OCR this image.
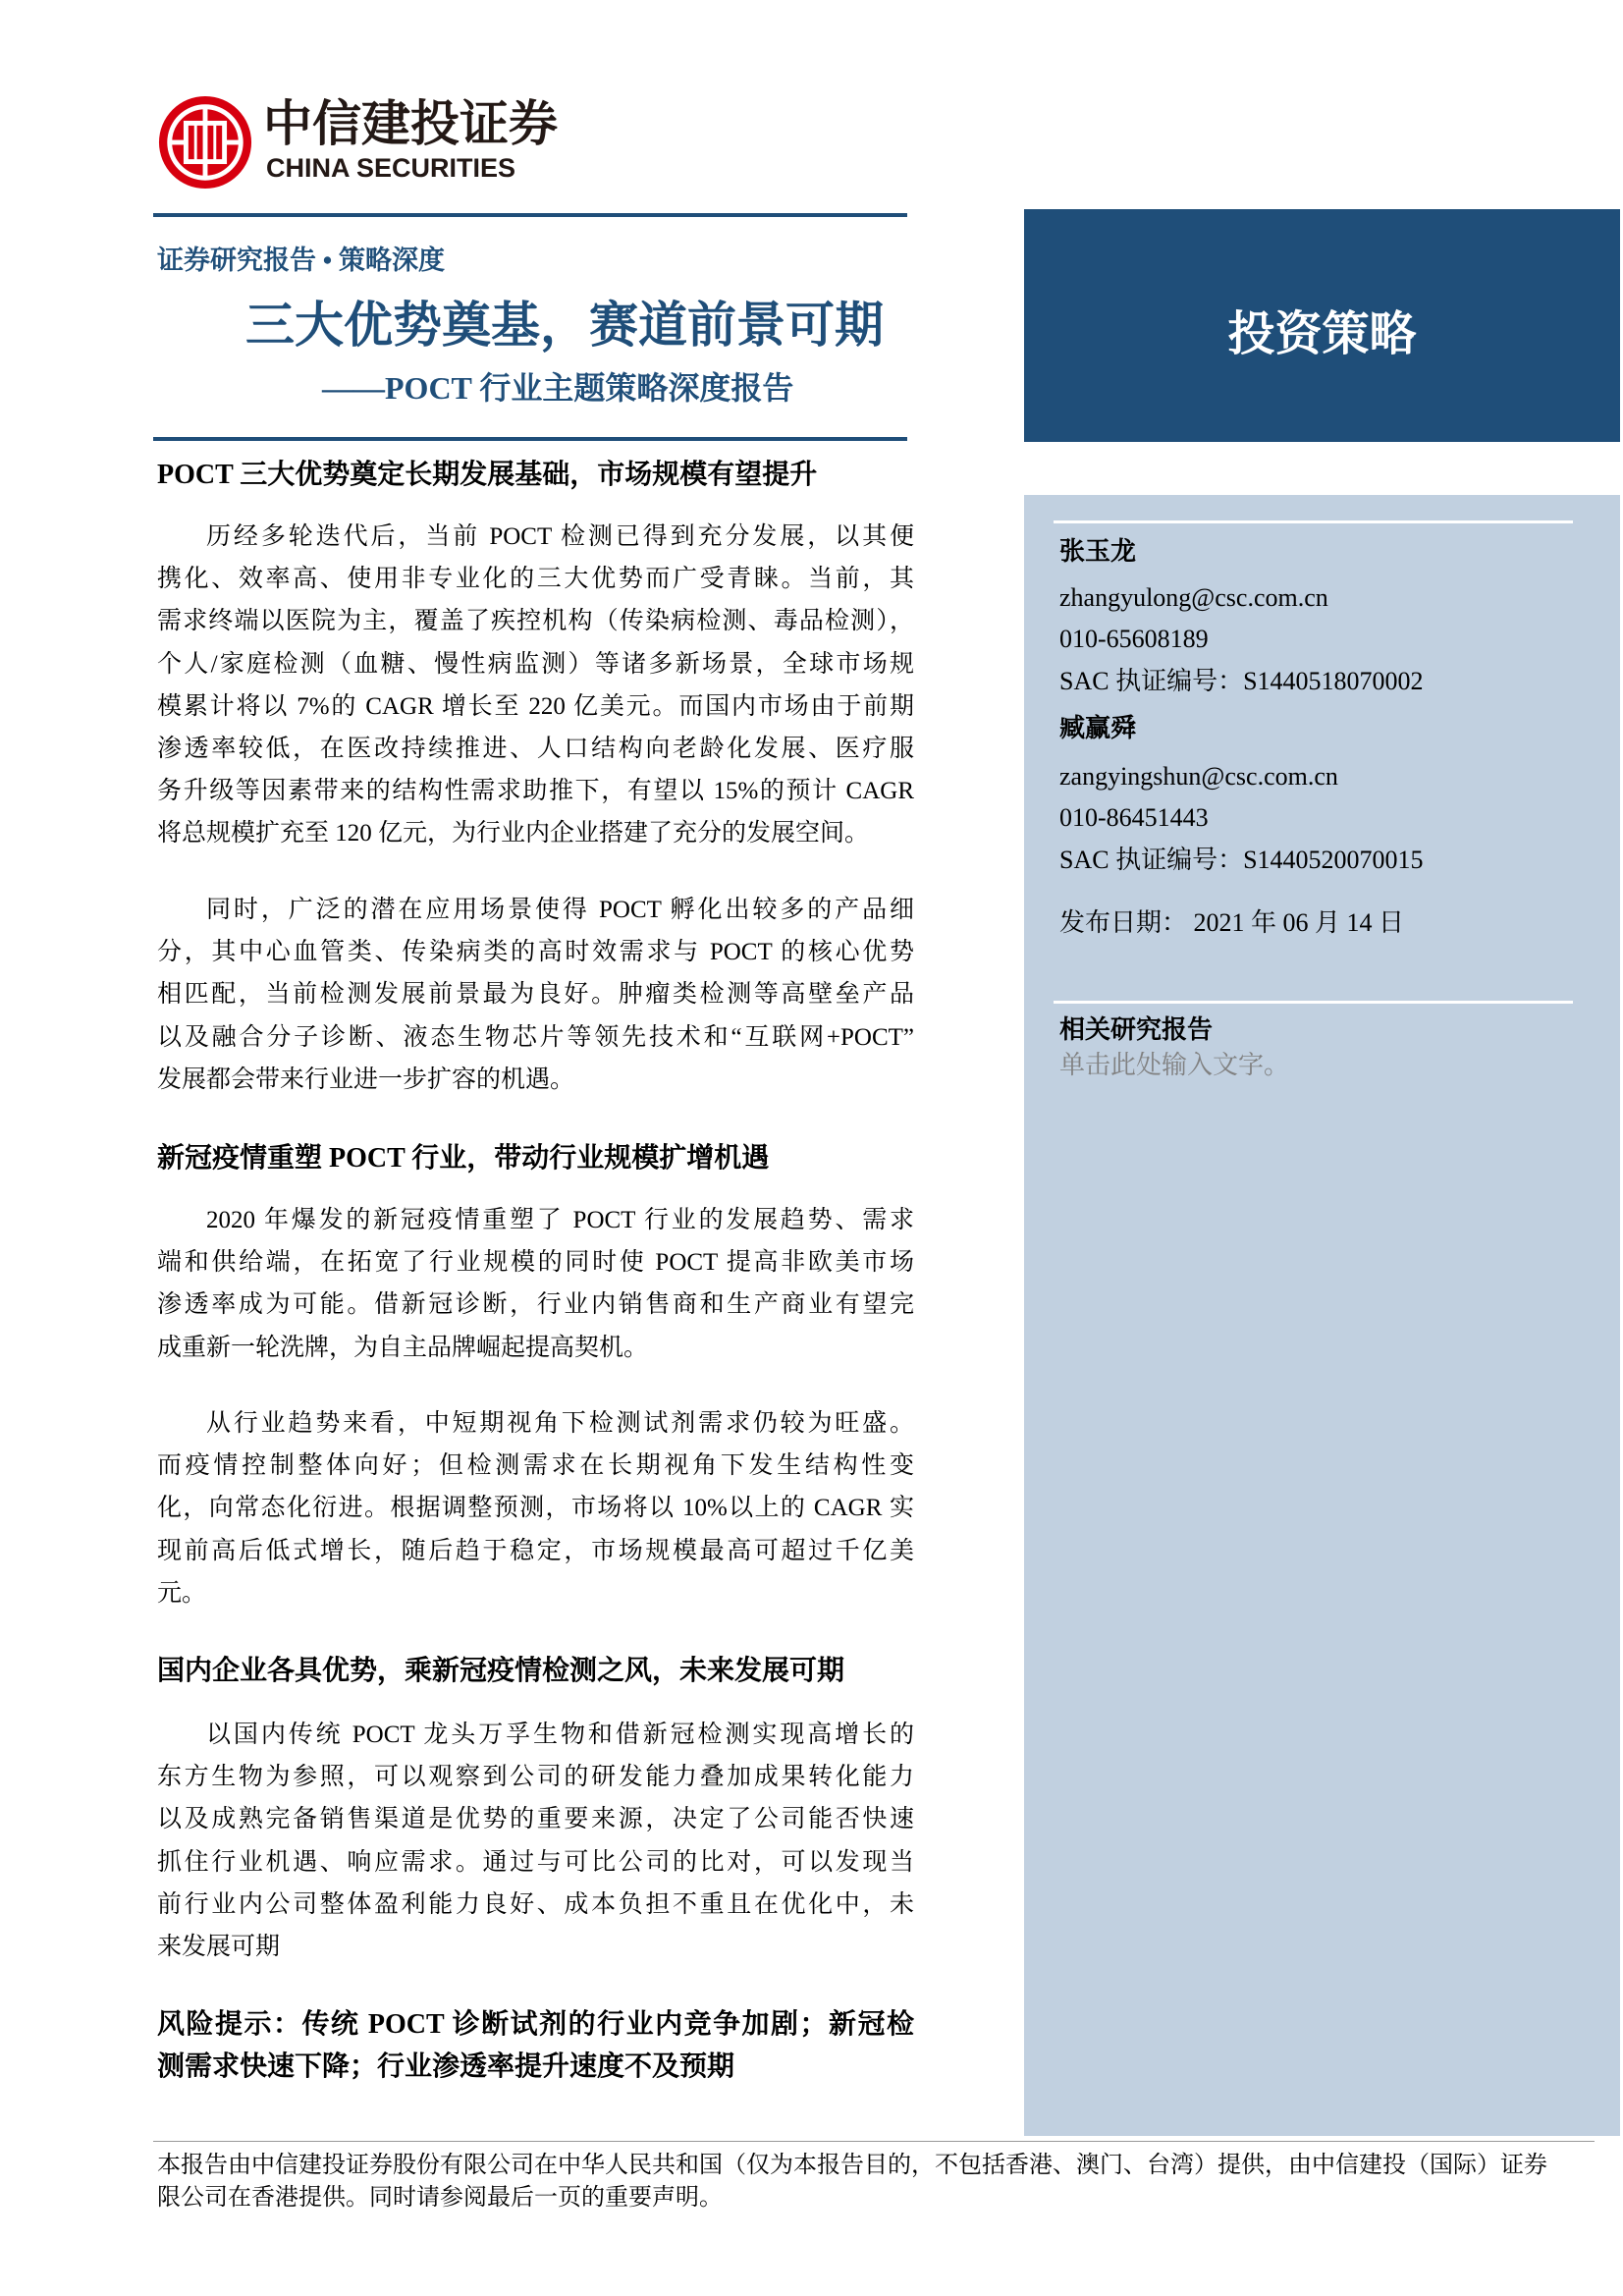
中信建投证券
CHINA SECURITIES
证券研究报告 • 策略深度
三大优势奠基，赛道前景可期
——POCT 行业主题策略深度报告
投资策略
张玉龙
zhangyulong@csc.com.cn
010-65608189
SAC 执证编号：S1440518070002
臧赢舜
zangyingshun@csc.com.cn
010-86451443
SAC 执证编号：S1440520070015
发布日期： 2021 年 06 月 14 日
相关研究报告
单击此处输入文字。
POCT 三大优势奠定长期发展基础，市场规模有望提升
历经多轮迭代后，当前 POCT 检测已得到充分发展，以其便
携化、效率高、使用非专业化的三大优势而广受青睐。当前，其
需求终端以医院为主，覆盖了疾控机构（传染病检测、毒品检测），
个人/家庭检测（血糖、慢性病监测）等诸多新场景，全球市场规
模累计将以 7%的 CAGR 增长至 220 亿美元。而国内市场由于前期
渗透率较低，在医改持续推进、人口结构向老龄化发展、医疗服
务升级等因素带来的结构性需求助推下，有望以 15%的预计 CAGR
将总规模扩充至 120 亿元，为行业内企业搭建了充分的发展空间。
同时，广泛的潜在应用场景使得 POCT 孵化出较多的产品细
分，其中心血管类、传染病类的高时效需求与 POCT 的核心优势
相匹配，当前检测发展前景最为良好。肿瘤类检测等高壁垒产品
以及融合分子诊断、液态生物芯片等领先技术和“互联网+POCT”
发展都会带来行业进一步扩容的机遇。
新冠疫情重塑 POCT 行业，带动行业规模扩增机遇
2020 年爆发的新冠疫情重塑了 POCT 行业的发展趋势、需求
端和供给端，在拓宽了行业规模的同时使 POCT 提高非欧美市场
渗透率成为可能。借新冠诊断，行业内销售商和生产商业有望完
成重新一轮洗牌，为自主品牌崛起提高契机。
从行业趋势来看，中短期视角下检测试剂需求仍较为旺盛。
而疫情控制整体向好；但检测需求在长期视角下发生结构性变
化，向常态化衍进。根据调整预测，市场将以 10%以上的 CAGR 实
现前高后低式增长，随后趋于稳定，市场规模最高可超过千亿美
元。
国内企业各具优势，乘新冠疫情检测之风，未来发展可期
以国内传统 POCT 龙头万孚生物和借新冠检测实现高增长的
东方生物为参照，可以观察到公司的研发能力叠加成果转化能力
以及成熟完备销售渠道是优势的重要来源，决定了公司能否快速
抓住行业机遇、响应需求。通过与可比公司的比对，可以发现当
前行业内公司整体盈利能力良好、成本负担不重且在优化中，未
来发展可期
风险提示：传统 POCT 诊断试剂的行业内竞争加剧；新冠检
测需求快速下降；行业渗透率提升速度不及预期
本报告由中信建投证券股份有限公司在中华人民共和国（仅为本报告目的，不包括香港、澳门、台湾）提供，由中信建投（国际）证券
限公司在香港提供。同时请参阅最后一页的重要声明。
